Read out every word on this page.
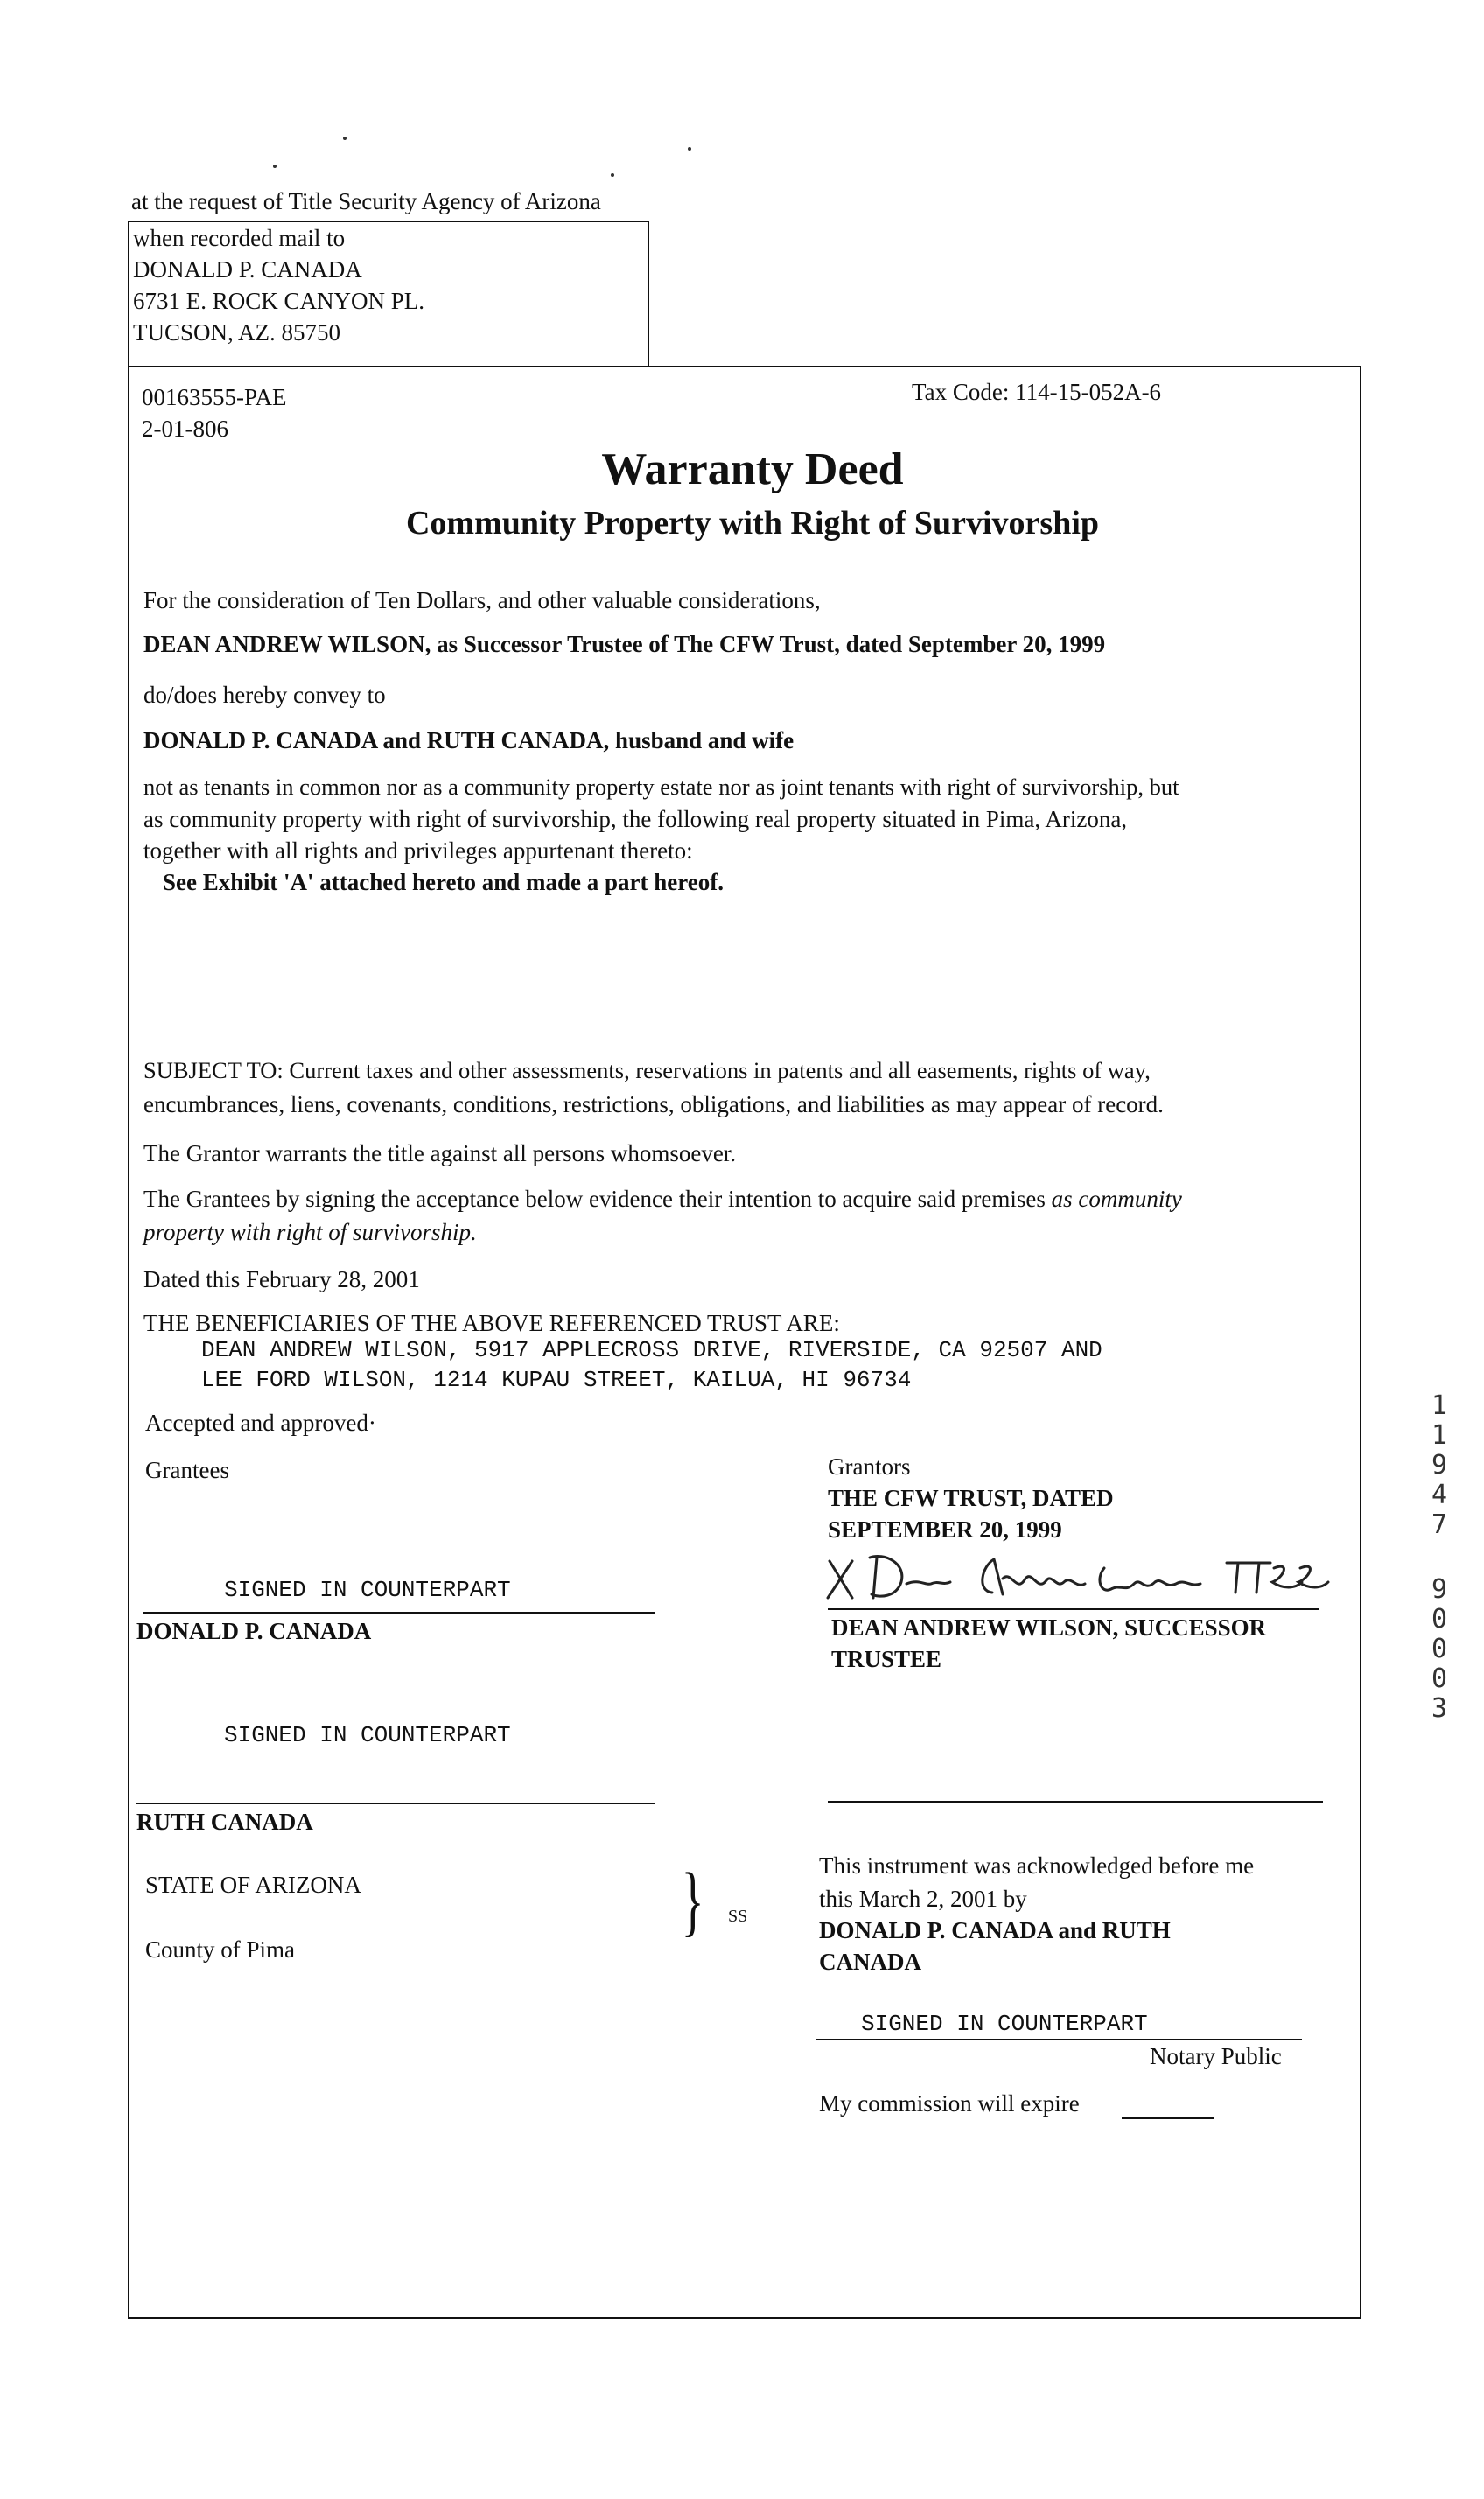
at the request of Title Security Agency of Arizona
when recorded mail to
DONALD P. CANADA
6731 E. ROCK CANYON PL.
TUCSON, AZ. 85750
00163555-PAE
2-01-806
Tax Code: 114-15-052A-6
Warranty Deed
Community Property with Right of Survivorship
For the consideration of Ten Dollars, and other valuable considerations,
DEAN ANDREW WILSON, as Successor Trustee of The CFW Trust, dated September 20, 1999
do/does hereby convey to
DONALD P. CANADA and RUTH CANADA, husband and wife
not as tenants in common nor as a community property estate nor as joint tenants with right of survivorship, but
as community property with right of survivorship, the following real property situated in Pima, Arizona,
together with all rights and privileges appurtenant thereto:
See Exhibit 'A' attached hereto and made a part hereof.
SUBJECT TO: Current taxes and other assessments, reservations in patents and all easements, rights of way,
encumbrances, liens, covenants, conditions, restrictions, obligations, and liabilities as may appear of record.
The Grantor warrants the title against all persons whomsoever.
The Grantees by signing the acceptance below evidence their intention to acquire said premises as community
property with right of survivorship.
Dated this February 28, 2001
THE BENEFICIARIES OF THE ABOVE REFERENCED TRUST ARE:
DEAN ANDREW WILSON, 5917 APPLECROSS DRIVE, RIVERSIDE, CA 92507 AND
LEE FORD WILSON, 1214 KUPAU STREET, KAILUA, HI 96734
Accepted and approved·
Grantees	Grantors
THE CFW TRUST, DATED
SEPTEMBER 20, 1999
SIGNED IN COUNTERPART
DONALD P. CANADA
SIGNED IN COUNTERPART
RUTH CANADA
DEAN ANDREW WILSON, SUCCESSOR
TRUSTEE
STATE OF ARIZONA
County of Pima
} SS
This instrument was acknowledged before me
this March 2, 2001 by
DONALD P. CANADA and RUTH
CANADA
SIGNED IN COUNTERPART
Notary Public
My commission will expire
11947
90003
